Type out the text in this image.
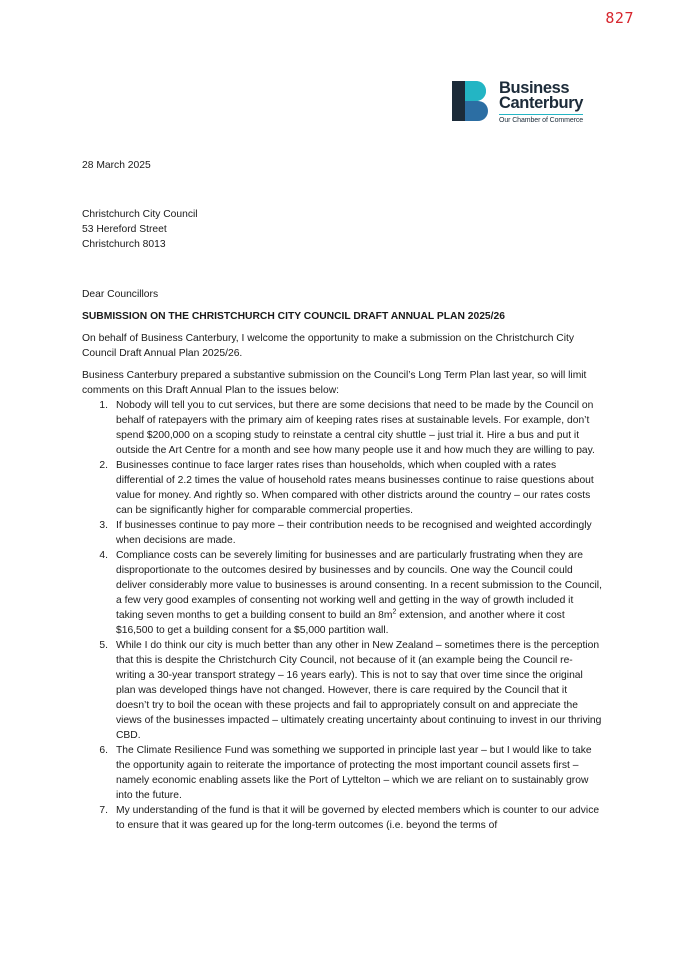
827
Business
Canterbury
Our Chamber of Commerce
28 March 2025
Christchurch City Council
53 Hereford Street
Christchurch 8013
Dear Councillors
SUBMISSION ON THE CHRISTCHURCH CITY COUNCIL DRAFT ANNUAL PLAN 2025/26
On behalf of Business Canterbury, I welcome the opportunity to make a submission on the Christchurch City Council Draft Annual Plan 2025/26.
Business Canterbury prepared a substantive submission on the Council’s Long Term Plan last year, so will limit comments on this Draft Annual Plan to the issues below:
1. Nobody will tell you to cut services, but there are some decisions that need to be made by the Council on behalf of ratepayers with the primary aim of keeping rates rises at sustainable levels. For example, don’t spend $200,000 on a scoping study to reinstate a central city shuttle – just trial it. Hire a bus and put it outside the Art Centre for a month and see how many people use it and how much they are willing to pay.
2. Businesses continue to face larger rates rises than households, which when coupled with a rates differential of 2.2 times the value of household rates means businesses continue to raise questions about value for money. And rightly so. When compared with other districts around the country – our rates costs can be significantly higher for comparable commercial properties.
3. If businesses continue to pay more – their contribution needs to be recognised and weighted accordingly when decisions are made.
4. Compliance costs can be severely limiting for businesses and are particularly frustrating when they are disproportionate to the outcomes desired by businesses and by councils. One way the Council could deliver considerably more value to businesses is around consenting. In a recent submission to the Council, a few very good examples of consenting not working well and getting in the way of growth included it taking seven months to get a building consent to build an $8m^2$ extension, and another where it cost $16,500 to get a building consent for a $5,000 partition wall.
5. While I do think our city is much better than any other in New Zealand – sometimes there is the perception that this is despite the Christchurch City Council, not because of it (an example being the Council re-writing a 30-year transport strategy – 16 years early). This is not to say that over time since the original plan was developed things have not changed. However, there is care required by the Council that it doesn’t try to boil the ocean with these projects and fail to appropriately consult on and appreciate the views of the businesses impacted – ultimately creating uncertainty about continuing to invest in our thriving CBD.
6. The Climate Resilience Fund was something we supported in principle last year – but I would like to take the opportunity again to reiterate the importance of protecting the most important council assets first – namely economic enabling assets like the Port of Lyttelton – which we are reliant on to sustainably grow into the future.
7. My understanding of the fund is that it will be governed by elected members which is counter to our advice to ensure that it was geared up for the long-term outcomes (i.e. beyond the terms of
